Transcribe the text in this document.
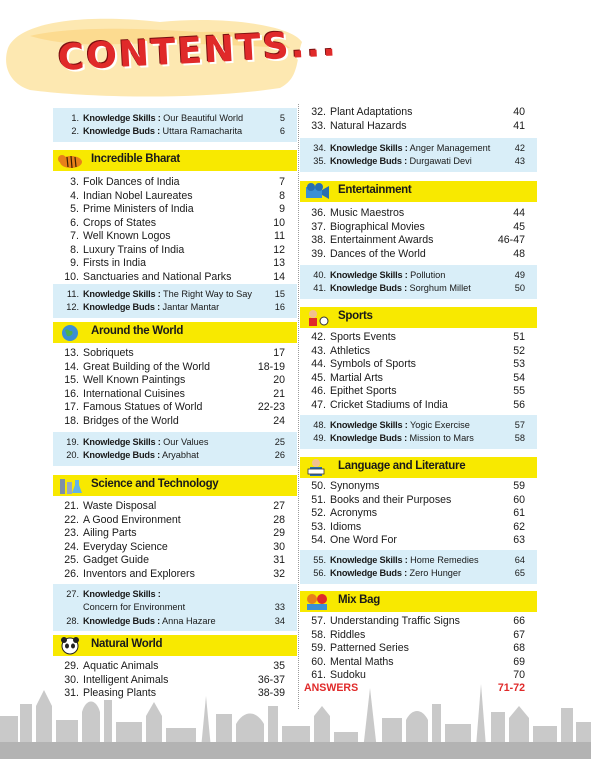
CONTENTS...
1. Knowledge Skills : Our Beautiful World	5
2. Knowledge Buds : Uttara Ramacharita	6
Incredible Bharat
3. Folk Dances of India	7
4. Indian Nobel Laureates	8
5. Prime Ministers of India	9
6. Crops of States	10
7. Well Known Logos	11
8. Luxury Trains of India	12
9. Firsts in India	13
10. Sanctuaries and National Parks	14
11. Knowledge Skills : The Right Way to Say 15
12. Knowledge Buds : Jantar Mantar	16
Around the World
13. Sobriquets	17
14. Great Building of the World	18-19
15. Well Known Paintings	20
16. International Cuisines	21
17. Famous Statues of World	22-23
18. Bridges of the World	24
19. Knowledge Skills : Our Values	25
20. Knowledge Buds : Aryabhat	26
Science and Technology
21. Waste Disposal	27
22. A Good Environment	28
23. Ailing Parts	29
24. Everyday Science	30
25. Gadget Guide	31
26. Inventors and Explorers	32
27. Knowledge Skills :
Concern for Environment	33
28. Knowledge Buds : Anna Hazare	34
Natural World
29. Aquatic Animals	35
30. Intelligent Animals	36-37
31. Pleasing Plants	38-39
32. Plant Adaptations	40
33. Natural Hazards	41
34. Knowledge Skills : Anger Management	42
35. Knowledge Buds : Durgawati Devi	43
Entertainment
36. Music Maestros	44
37. Biographical Movies	45
38. Entertainment Awards	46-47
39. Dances of the World	48
40. Knowledge Skills : Pollution	49
41. Knowledge Buds : Sorghum Millet	50
Sports
42. Sports Events	51
43. Athletics	52
44. Symbols of Sports	53
45. Martial Arts	54
46. Epithet Sports	55
47. Cricket Stadiums of India	56
48. Knowledge Skills : Yogic Exercise	57
49. Knowledge Buds : Mission to Mars	58
Language and Literature
50. Synonyms	59
51. Books and their Purposes	60
52. Acronyms	61
53. Idioms	62
54. One Word For	63
55. Knowledge Skills : Home Remedies	64
56. Knowledge Buds : Zero Hunger	65
Mix Bag
57. Understanding Traffic Signs	66
58. Riddles	67
59. Patterned Series	68
60. Mental Maths	69
61. Sudoku	70
ANSWERS	71-72
